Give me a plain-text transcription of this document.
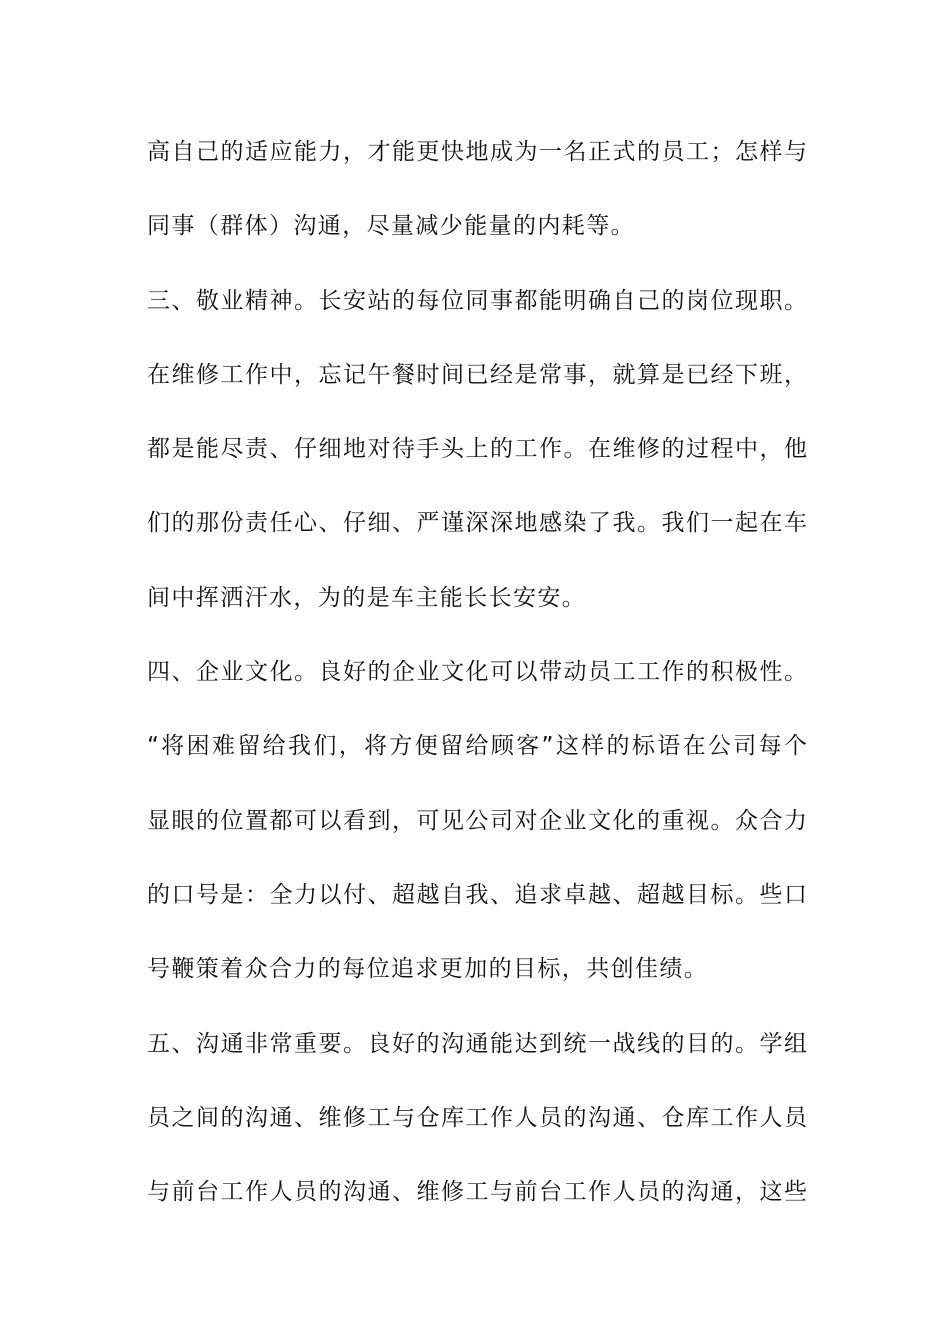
高自己的适应能力，才能更快地成为一名正式的员工；怎样与
同事（群体）沟通，尽量减少能量的内耗等。
三、敬业精神。长安站的每位同事都能明确自己的岗位现职。
在维修工作中，忘记午餐时间已经是常事，就算是已经下班，
都是能尽责、仔细地对待手头上的工作。在维修的过程中，他
们的那份责任心、仔细、严谨深深地感染了我。我们一起在车
间中挥洒汗水，为的是车主能长长安安。
四、企业文化。良好的企业文化可以带动员工工作的积极性。
“将困难留给我们，将方便留给顾客”这样的标语在公司每个
显眼的位置都可以看到，可见公司对企业文化的重视。众合力
的口号是：全力以付、超越自我、追求卓越、超越目标。些口
号鞭策着众合力的每位追求更加的目标，共创佳绩。
五、沟通非常重要。良好的沟通能达到统一战线的目的。学组
员之间的沟通、维修工与仓库工作人员的沟通、仓库工作人员
与前台工作人员的沟通、维修工与前台工作人员的沟通，这些
